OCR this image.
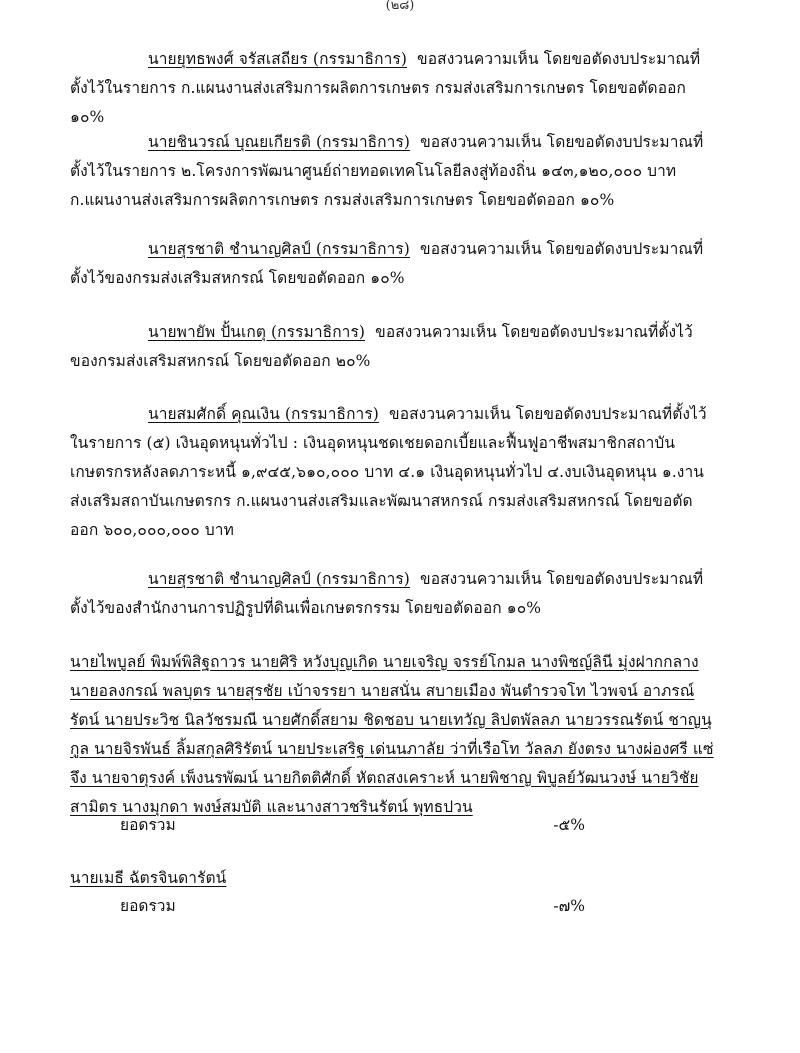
(๒๘)
นายยุทธพงศ์ จรัสเสถียร (กรรมาธิการ) ขอสงวนความเห็น โดยขอตัดงบประมาณที่ตั้งไว้ในรายการ ก.แผนงานส่งเสริมการผลิตการเกษตร กรมส่งเสริมการเกษตร โดยขอตัดออก ๑๐%
นายชินวรณ์ บุณยเกียรติ (กรรมาธิการ) ขอสงวนความเห็น โดยขอตัดงบประมาณที่ตั้งไว้ในรายการ ๒.โครงการพัฒนาศูนย์ถ่ายทอดเทคโนโลยีลงสู่ท้องถิ่น ๑๔๓,๑๒๐,๐๐๐ บาท ก.แผนงานส่งเสริมการผลิตการเกษตร กรมส่งเสริมการเกษตร โดยขอตัดออก ๑๐%
นายสุรชาติ ชำนาญศิลป์ (กรรมาธิการ) ขอสงวนความเห็น โดยขอตัดงบประมาณที่ตั้งไว้ของกรมส่งเสริมสหกรณ์ โดยขอตัดออก ๑๐%
นายพายัพ ปั้นเกตุ (กรรมาธิการ) ขอสงวนความเห็น โดยขอตัดงบประมาณที่ตั้งไว้ของกรมส่งเสริมสหกรณ์ โดยขอตัดออก ๒๐%
นายสมศักดิ์ คุณเงิน (กรรมาธิการ) ขอสงวนความเห็น โดยขอตัดงบประมาณที่ตั้งไว้ในรายการ (๕) เงินอุดหนุนทั่วไป : เงินอุดหนุนชดเชยดอกเบี้ยและฟื้นฟูอาชีพสมาชิกสถาบันเกษตรกรหลังลดภาระหนี้ ๑,๙๔๕,๖๑๐,๐๐๐ บาท ๔.๑ เงินอุดหนุนทั่วไป ๔.งบเงินอุดหนุน ๑.งานส่งเสริมสถาบันเกษตรกร ก.แผนงานส่งเสริมและพัฒนาสหกรณ์ กรมส่งเสริมสหกรณ์ โดยขอตัดออก ๖๐๐,๐๐๐,๐๐๐ บาท
นายสุรชาติ ชำนาญศิลป์ (กรรมาธิการ) ขอสงวนความเห็น โดยขอตัดงบประมาณที่ตั้งไว้ของสำนักงานการปฏิรูปที่ดินเพื่อเกษตรกรรม โดยขอตัดออก ๑๐%
นายไพบูลย์ พิมพ์พิสิฐถาวร นายศิริ หวังบุญเกิด นายเจริญ จรรย์โกมล นางพิชญ์ลินี มุ่งฝากกลาง นายอลงกรณ์ พลบุตร นายสุรชัย เบ้าจรรยา นายสนั่น สบายเมือง พันตำรวจโท ไวพจน์ อาภรณ์รัตน์ นายประวิช นิลวัชรมณี นายศักดิ์สยาม ชิดชอบ นายเทวัญ ลิปตพัลลภ นายวรรณรัตน์ ชาญนุกูล นายจิรพันธ์ ลิ้มสกุลศิริรัตน์ นายประเสริฐ เด่นนภาลัย ว่าที่เรือโท วัลลภ ยังตรง นางผ่องศรี แซ่จึง นายจาตุรงค์ เพ็งนรพัฒน์ นายกิตติศักดิ์ หัตถสงเคราะห์ นายพิชาญ พิบูลย์วัฒนวงษ์ นายวิชัย สามิตร นางมุกดา พงษ์สมบัติ และนางสาวชรินรัตน์ พุทธปวน
ยอดรวม	-๕%
นายเมธี ฉัตรจินดารัตน์
ยอดรวม	-๗%
